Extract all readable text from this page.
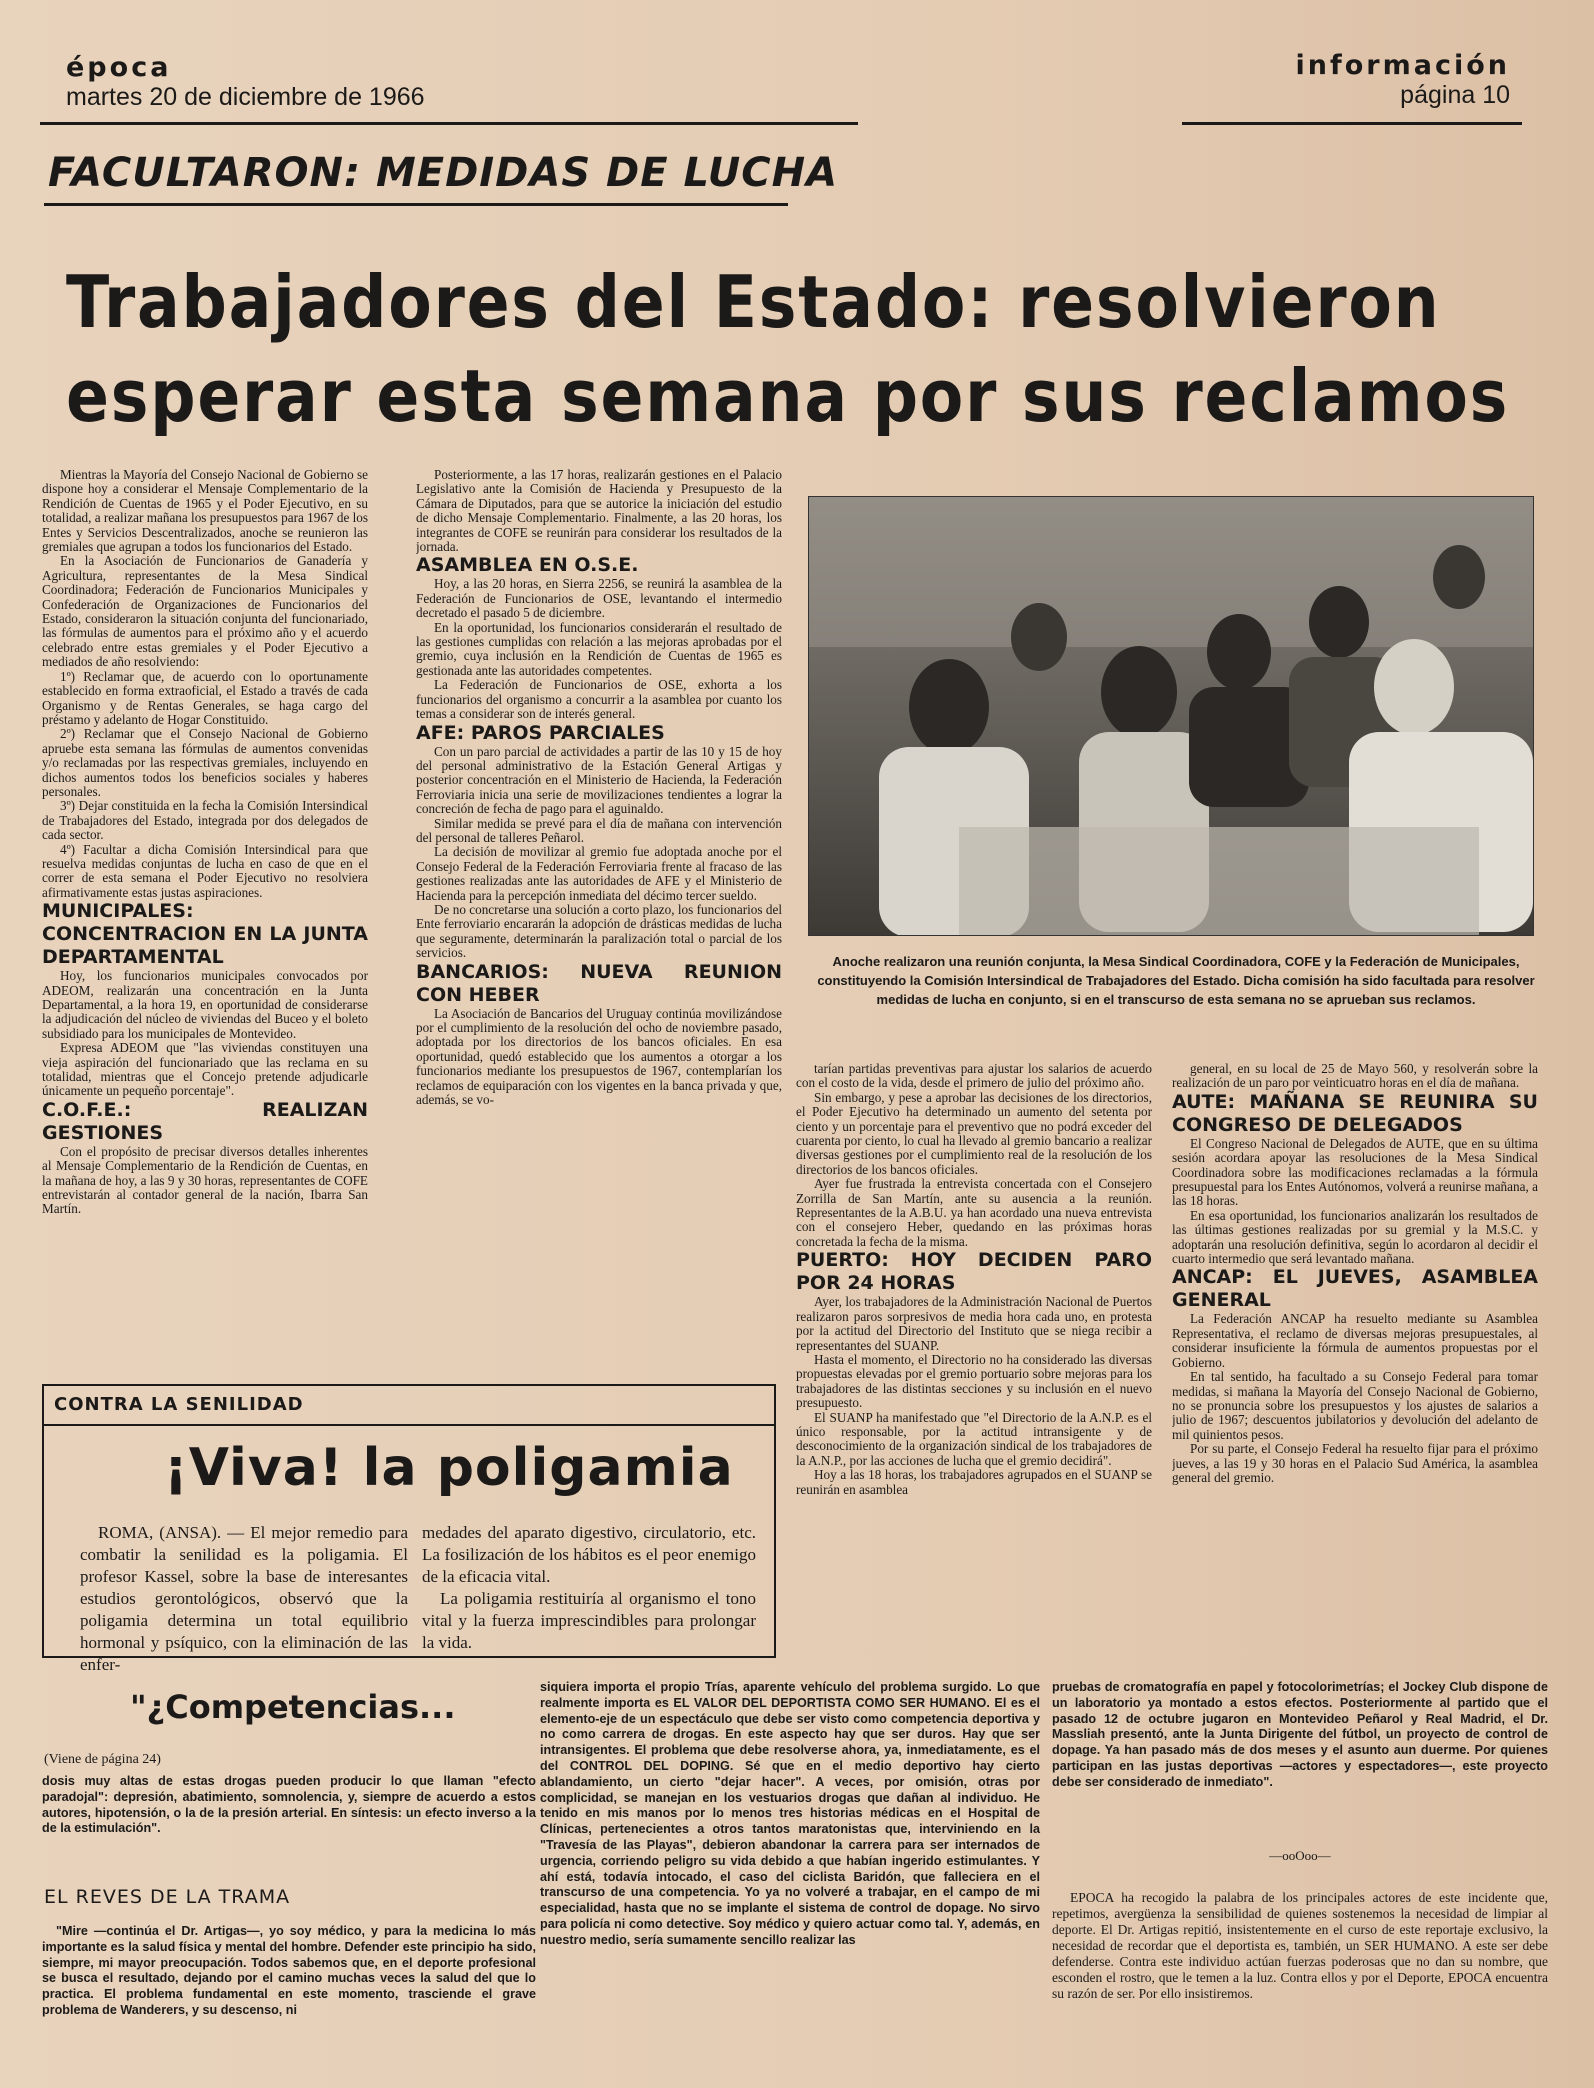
época
martes 20 de diciembre de 1966
información
página 10
FACULTARON: MEDIDAS DE LUCHA
Trabajadores del Estado: resolvieron
esperar esta semana por sus reclamos

Mientras la Mayoría del Consejo Nacional de Gobierno se dispone hoy a considerar el Mensaje Complementario de la Rendición de Cuentas de 1965 y el Poder Ejecutivo, en su totalidad, a realizar mañana los presupuestos para 1967 de los Entes y Servicios Descentralizados, anoche se reunieron las gremiales que agrupan a todos los funcionarios del Estado.

En la Asociación de Funcionarios de Ganadería y Agricultura, representantes de la Mesa Sindical Coordinadora; Federación de Funcionarios Municipales y Confederación de Organizaciones de Funcionarios del Estado, consideraron la situación conjunta del funcionariado, las fórmulas de aumentos para el próximo año y el acuerdo celebrado entre estas gremiales y el Poder Ejecutivo a mediados de año resolviendo:

1º) Reclamar que, de acuerdo con lo oportunamente establecido en forma extraoficial, el Estado a través de cada Organismo y de Rentas Generales, se haga cargo del préstamo y adelanto de Hogar Constituido.

2º) Reclamar que el Consejo Nacional de Gobierno apruebe esta semana las fórmulas de aumentos convenidas y/o reclamadas por las respectivas gremiales, incluyendo en dichos aumentos todos los beneficios sociales y haberes personales.

3º) Dejar constituida en la fecha la Comisión Intersindical de Trabajadores del Estado, integrada por dos delegados de cada sector.

4º) Facultar a dicha Comisión Intersindical para que resuelva medidas conjuntas de lucha en caso de que en el correr de esta semana el Poder Ejecutivo no resolviera afirmativamente estas justas aspiraciones.

MUNICIPALES: CONCENTRACION EN LA JUNTA DEPARTAMENTAL

Hoy, los funcionarios municipales convocados por ADEOM, realizarán una concentración en la Junta Departamental, a la hora 19, en oportunidad de considerarse la adjudicación del núcleo de viviendas del Buceo y el boleto subsidiado para los municipales de Montevideo.

Expresa ADEOM que "las viviendas constituyen una vieja aspiración del funcionariado que las reclama en su totalidad, mientras que el Concejo pretende adjudicarle únicamente un pequeño porcentaje".

C.O.F.E.: REALIZAN GESTIONES

Con el propósito de precisar diversos detalles inherentes al Mensaje Complementario de la Rendición de Cuentas, en la mañana de hoy, a las 9 y 30 horas, representantes de COFE entrevistarán al contador general de la nación, Ibarra San Martín.

Posteriormente, a las 17 horas, realizarán gestiones en el Palacio Legislativo ante la Comisión de Hacienda y Presupuesto de la Cámara de Diputados, para que se autorice la iniciación del estudio de dicho Mensaje Complementario. Finalmente, a las 20 horas, los integrantes de COFE se reunirán para considerar los resultados de la jornada.

ASAMBLEA EN O.S.E.

Hoy, a las 20 horas, en Sierra 2256, se reunirá la asamblea de la Federación de Funcionarios de OSE, levantando el intermedio decretado el pasado 5 de diciembre.

En la oportunidad, los funcionarios considerarán el resultado de las gestiones cumplidas con relación a las mejoras aprobadas por el gremio, cuya inclusión en la Rendición de Cuentas de 1965 es gestionada ante las autoridades competentes.

La Federación de Funcionarios de OSE, exhorta a los funcionarios del organismo a concurrir a la asamblea por cuanto los temas a considerar son de interés general.

AFE: PAROS PARCIALES

Con un paro parcial de actividades a partir de las 10 y 15 de hoy del personal administrativo de la Estación General Artigas y posterior concentración en el Ministerio de Hacienda, la Federación Ferroviaria inicia una serie de movilizaciones tendientes a lograr la concreción de fecha de pago para el aguinaldo.

Similar medida se prevé para el día de mañana con intervención del personal de talleres Peñarol.

La decisión de movilizar al gremio fue adoptada anoche por el Consejo Federal de la Federación Ferroviaria frente al fracaso de las gestiones realizadas ante las autoridades de AFE y el Ministerio de Hacienda para la percepción inmediata del décimo tercer sueldo.

De no concretarse una solución a corto plazo, los funcionarios del Ente ferroviario encararán la adopción de drásticas medidas de lucha que seguramente, determinarán la paralización total o parcial de los servicios.

BANCARIOS: NUEVA REUNION CON HEBER

La Asociación de Bancarios del Uruguay continúa movilizándose por el cumplimiento de la resolución del ocho de noviembre pasado, adoptada por los directorios de los bancos oficiales. En esa oportunidad, quedó establecido que los aumentos a otorgar a los funcionarios mediante los presupuestos de 1967, contemplarían los reclamos de equiparación con los vigentes en la banca privada y que, además, se vo-

Anoche realizaron una reunión conjunta, la Mesa Sindical Coordinadora, COFE y la Federación de Municipales, constituyendo la Comisión Intersindical de Trabajadores del Estado. Dicha comisión ha sido facultada para resolver medidas de lucha en conjunto, si en el transcurso de esta semana no se aprueban sus reclamos.

tarían partidas preventivas para ajustar los salarios de acuerdo con el costo de la vida, desde el primero de julio del próximo año.

Sin embargo, y pese a aprobar las decisiones de los directorios, el Poder Ejecutivo ha determinado un aumento del setenta por ciento y un porcentaje para el preventivo que no podrá exceder del cuarenta por ciento, lo cual ha llevado al gremio bancario a realizar diversas gestiones por el cumplimiento real de la resolución de los directorios de los bancos oficiales.

Ayer fue frustrada la entrevista concertada con el Consejero Zorrilla de San Martín, ante su ausencia a la reunión. Representantes de la A.B.U. ya han acordado una nueva entrevista con el consejero Heber, quedando en las próximas horas concretada la fecha de la misma.

PUERTO: HOY DECIDEN PARO POR 24 HORAS

Ayer, los trabajadores de la Administración Nacional de Puertos realizaron paros sorpresivos de media hora cada uno, en protesta por la actitud del Directorio del Instituto que se niega recibir a representantes del SUANP.

Hasta el momento, el Directorio no ha considerado las diversas propuestas elevadas por el gremio portuario sobre mejoras para los trabajadores de las distintas secciones y su inclusión en el nuevo presupuesto.

El SUANP ha manifestado que "el Directorio de la A.N.P. es el único responsable, por la actitud intransigente y de desconocimiento de la organización sindical de los trabajadores de la A.N.P., por las acciones de lucha que el gremio decidirá".

Hoy a las 18 horas, los trabajadores agrupados en el SUANP se reunirán en asamblea

general, en su local de 25 de Mayo 560, y resolverán sobre la realización de un paro por veinticuatro horas en el día de mañana.

AUTE: MAÑANA SE REUNIRA SU CONGRESO DE DELEGADOS

El Congreso Nacional de Delegados de AUTE, que en su última sesión acordara apoyar las resoluciones de la Mesa Sindical Coordinadora sobre las modificaciones reclamadas a la fórmula presupuestal para los Entes Autónomos, volverá a reunirse mañana, a las 18 horas.

En esa oportunidad, los funcionarios analizarán los resultados de las últimas gestiones realizadas por su gremial y la M.S.C. y adoptarán una resolución definitiva, según lo acordaron al decidir el cuarto intermedio que será levantado mañana.

ANCAP: EL JUEVES, ASAMBLEA GENERAL

La Federación ANCAP ha resuelto mediante su Asamblea Representativa, el reclamo de diversas mejoras presupuestales, al considerar insuficiente la fórmula de aumentos propuestas por el Gobierno.

En tal sentido, ha facultado a su Consejo Federal para tomar medidas, si mañana la Mayoría del Consejo Nacional de Gobierno, no se pronuncia sobre los presupuestos y los ajustes de salarios a julio de 1967; descuentos jubilatorios y devolución del adelanto de mil quinientos pesos.

Por su parte, el Consejo Federal ha resuelto fijar para el próximo jueves, a las 19 y 30 horas en el Palacio Sud América, la asamblea general del gremio.

CONTRA LA SENILIDAD
¡Viva! la poligamia

ROMA, (ANSA). — El mejor remedio para combatir la senilidad es la poligamia. El profesor Kassel, sobre la base de interesantes estudios gerontológicos, observó que la poligamia determina un total equilibrio hormonal y psíquico, con la eliminación de las enfer-

medades del aparato digestivo, circulatorio, etc. La fosilización de los hábitos es el peor enemigo de la eficacia vital.

La poligamia restituiría al organismo el tono vital y la fuerza imprescindibles para prolongar la vida.

"¿Competencias...
(Viene de página 24)

dosis muy altas de estas drogas pueden producir lo que llaman "efecto paradojal": depresión, abatimiento, somnolencia, y, siempre de acuerdo a estos autores, hipotensión, o la de la presión arterial. En síntesis: un efecto inverso a la de la estimulación".

EL REVES DE LA TRAMA

"Mire —continúa el Dr. Artigas—, yo soy médico, y para la medicina lo más importante es la salud física y mental del hombre. Defender este principio ha sido, siempre, mi mayor preocupación. Todos sabemos que, en el deporte profesional se busca el resultado, dejando por el camino muchas veces la salud del que lo practica. El problema fundamental en este momento, trasciende el grave problema de Wanderers, y su descenso, ni

siquiera importa el propio Trías, aparente vehículo del problema surgido. Lo que realmente importa es EL VALOR DEL DEPORTISTA COMO SER HUMANO. El es el elemento-eje de un espectáculo que debe ser visto como competencia deportiva y no como carrera de drogas. En este aspecto hay que ser duros. Hay que ser intransigentes. El problema que debe resolverse ahora, ya, inmediatamente, es el del CONTROL DEL DOPING. Sé que en el medio deportivo hay cierto ablandamiento, un cierto "dejar hacer". A veces, por omisión, otras por complicidad, se manejan en los vestuarios drogas que dañan al individuo. He tenido en mis manos por lo menos tres historias médicas en el Hospital de Clínicas, pertenecientes a otros tantos maratonistas que, interviniendo en la "Travesía de las Playas", debieron abandonar la carrera para ser internados de urgencia, corriendo peligro su vida debido a que habían ingerido estimulantes. Y ahí está, todavía intocado, el caso del ciclista Baridón, que falleciera en el transcurso de una competencia. Yo ya no volveré a trabajar, en el campo de mi especialidad, hasta que no se implante el sistema de control de dopage. No sirvo para policía ni como detective. Soy médico y quiero actuar como tal. Y, además, en nuestro medio, sería sumamente sencillo realizar las

pruebas de cromatografía en papel y fotocolorimetrías; el Jockey Club dispone de un laboratorio ya montado a estos efectos. Posteriormente al partido que el pasado 12 de octubre jugaron en Montevideo Peñarol y Real Madrid, el Dr. Massliah presentó, ante la Junta Dirigente del fútbol, un proyecto de control de dopage. Ya han pasado más de dos meses y el asunto aun duerme. Por quienes participan en las justas deportivas —actores y espectadores—, este proyecto debe ser considerado de inmediato".

—ooOoo—

EPOCA ha recogido la palabra de los principales actores de este incidente que, repetimos, avergüenza la sensibilidad de quienes sostenemos la necesidad de limpiar al deporte. El Dr. Artigas repitió, insistentemente en el curso de este reportaje exclusivo, la necesidad de recordar que el deportista es, también, un SER HUMANO. A este ser debe defenderse. Contra este individuo actúan fuerzas poderosas que no dan su nombre, que esconden el rostro, que le temen a la luz. Contra ellos y por el Deporte, EPOCA encuentra su razón de ser. Por ello insistiremos.
